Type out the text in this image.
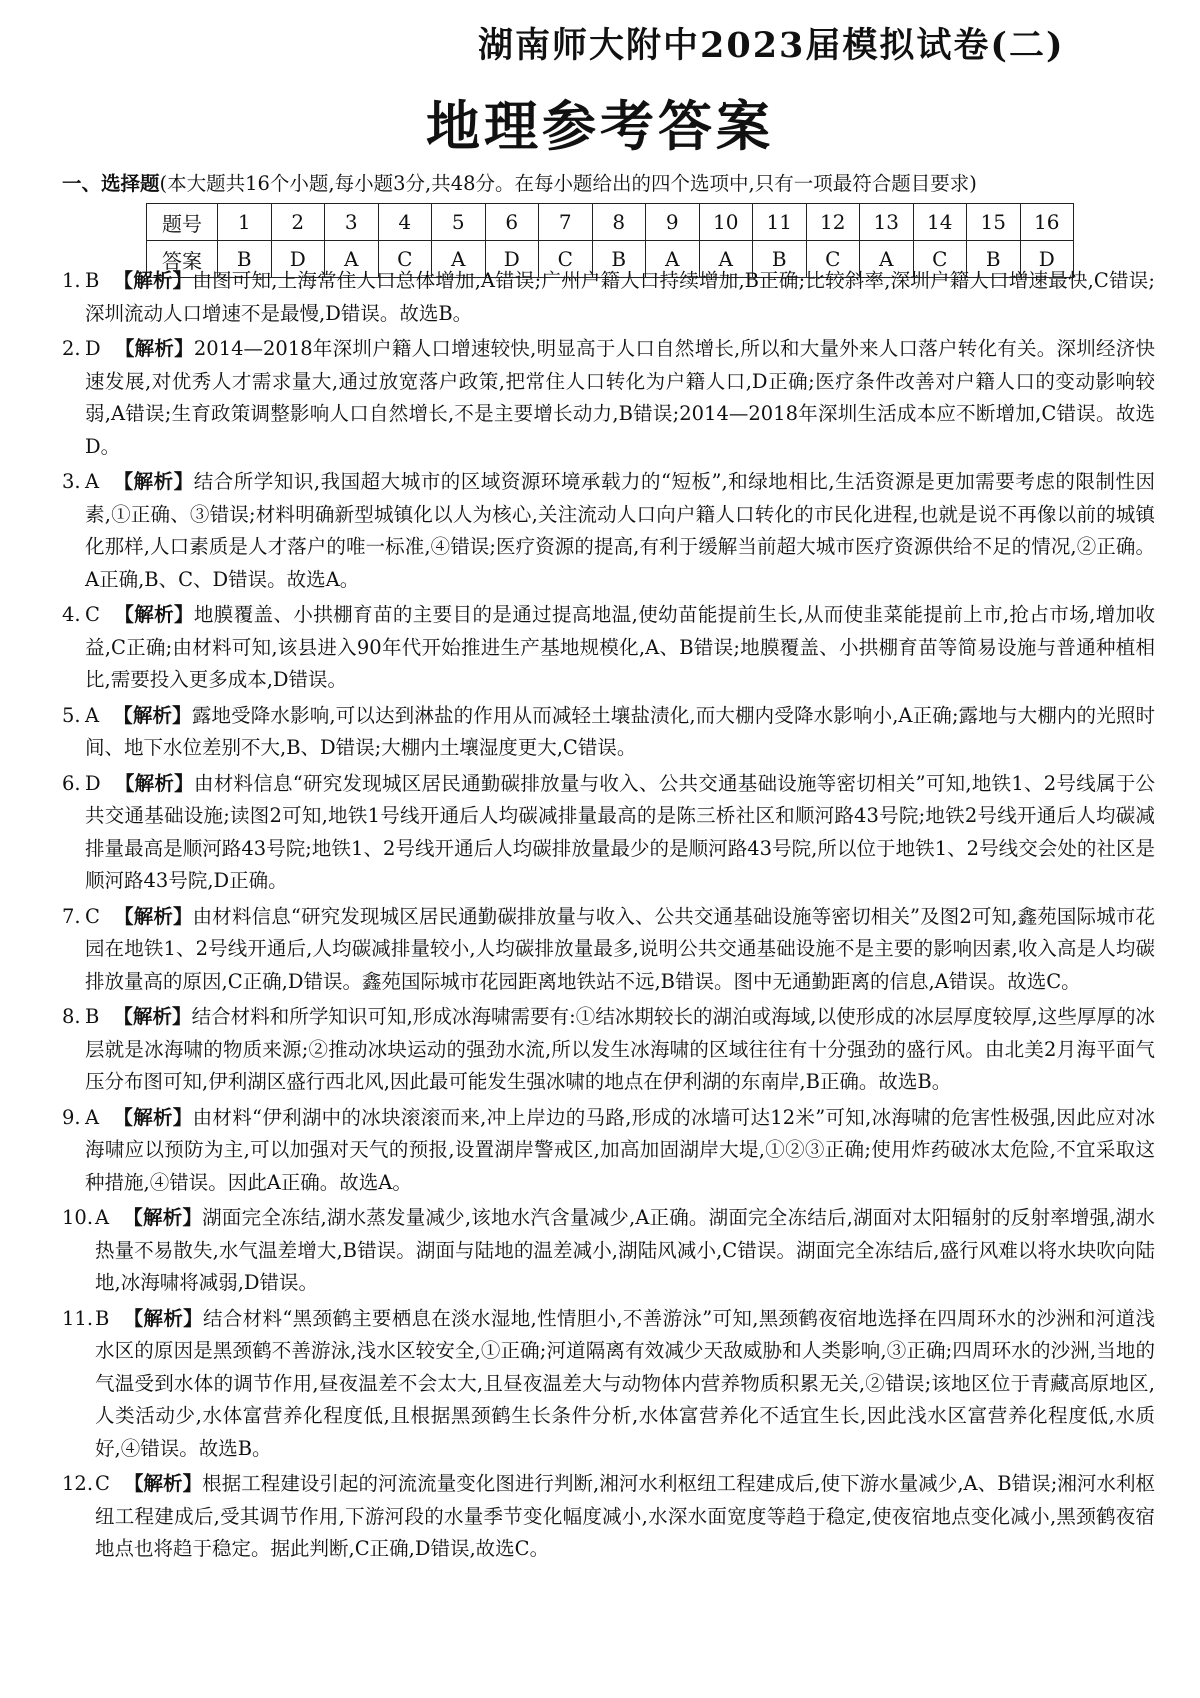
湖南师大附中2023届模拟试卷(二)
地理参考答案
一、选择题(本大题共16个小题,每小题3分,共48分。在每小题给出的四个选项中,只有一项最符合题目要求)
题号	1	2	3	4	5	6	7	8	9	10	11	12	13	14	15	16
答案	B	D	A	C	A	D	C	B	A	A	B	C	A	C	B	D
1. B 【解析】由图可知,上海常住人口总体增加,A错误;广州户籍人口持续增加,B正确;比较斜率,深圳户籍人口增速最快,C错误;深圳流动人口增速不是最慢,D错误。故选B。
2. D 【解析】2014—2018年深圳户籍人口增速较快,明显高于人口自然增长,所以和大量外来人口落户转化有关。深圳经济快速发展,对优秀人才需求量大,通过放宽落户政策,把常住人口转化为户籍人口,D正确;医疗条件改善对户籍人口的变动影响较弱,A错误;生育政策调整影响人口自然增长,不是主要增长动力,B错误;2014—2018年深圳生活成本应不断增加,C错误。故选D。
3. A 【解析】结合所学知识,我国超大城市的区域资源环境承载力的“短板”,和绿地相比,生活资源是更加需要考虑的限制性因素,①正确、③错误;材料明确新型城镇化以人为核心,关注流动人口向户籍人口转化的市民化进程,也就是说不再像以前的城镇化那样,人口素质是人才落户的唯一标准,④错误;医疗资源的提高,有利于缓解当前超大城市医疗资源供给不足的情况,②正确。A正确,B、C、D错误。故选A。
4. C 【解析】地膜覆盖、小拱棚育苗的主要目的是通过提高地温,使幼苗能提前生长,从而使韭菜能提前上市,抢占市场,增加收益,C正确;由材料可知,该县进入90年代开始推进生产基地规模化,A、B错误;地膜覆盖、小拱棚育苗等简易设施与普通种植相比,需要投入更多成本,D错误。
5. A 【解析】露地受降水影响,可以达到淋盐的作用从而减轻土壤盐渍化,而大棚内受降水影响小,A正确;露地与大棚内的光照时间、地下水位差别不大,B、D错误;大棚内土壤湿度更大,C错误。
6. D 【解析】由材料信息“研究发现城区居民通勤碳排放量与收入、公共交通基础设施等密切相关”可知,地铁1、2号线属于公共交通基础设施;读图2可知,地铁1号线开通后人均碳减排量最高的是陈三桥社区和顺河路43号院;地铁2号线开通后人均碳减排量最高是顺河路43号院;地铁1、2号线开通后人均碳排放量最少的是顺河路43号院,所以位于地铁1、2号线交会处的社区是顺河路43号院,D正确。
7. C 【解析】由材料信息“研究发现城区居民通勤碳排放量与收入、公共交通基础设施等密切相关”及图2可知,鑫苑国际城市花园在地铁1、2号线开通后,人均碳减排量较小,人均碳排放量最多,说明公共交通基础设施不是主要的影响因素,收入高是人均碳排放量高的原因,C正确,D错误。鑫苑国际城市花园距离地铁站不远,B错误。图中无通勤距离的信息,A错误。故选C。
8. B 【解析】结合材料和所学知识可知,形成冰海啸需要有:①结冰期较长的湖泊或海域,以使形成的冰层厚度较厚,这些厚厚的冰层就是冰海啸的物质来源;②推动冰块运动的强劲水流,所以发生冰海啸的区域往往有十分强劲的盛行风。由北美2月海平面气压分布图可知,伊利湖区盛行西北风,因此最可能发生强冰啸的地点在伊利湖的东南岸,B正确。故选B。
9. A 【解析】由材料“伊利湖中的冰块滚滚而来,冲上岸边的马路,形成的冰墙可达12米”可知,冰海啸的危害性极强,因此应对冰海啸应以预防为主,可以加强对天气的预报,设置湖岸警戒区,加高加固湖岸大堤,①②③正确;使用炸药破冰太危险,不宜采取这种措施,④错误。因此A正确。故选A。
10. A 【解析】湖面完全冻结,湖水蒸发量减少,该地水汽含量减少,A正确。湖面完全冻结后,湖面对太阳辐射的反射率增强,湖水热量不易散失,水气温差增大,B错误。湖面与陆地的温差减小,湖陆风减小,C错误。湖面完全冻结后,盛行风难以将水块吹向陆地,冰海啸将减弱,D错误。
11. B 【解析】结合材料“黑颈鹤主要栖息在淡水湿地,性情胆小,不善游泳”可知,黑颈鹤夜宿地选择在四周环水的沙洲和河道浅水区的原因是黑颈鹤不善游泳,浅水区较安全,①正确;河道隔离有效减少天敌威胁和人类影响,③正确;四周环水的沙洲,当地的气温受到水体的调节作用,昼夜温差不会太大,且昼夜温差大与动物体内营养物质积累无关,②错误;该地区位于青藏高原地区,人类活动少,水体富营养化程度低,且根据黑颈鹤生长条件分析,水体富营养化不适宜生长,因此浅水区富营养化程度低,水质好,④错误。故选B。
12. C 【解析】根据工程建设引起的河流流量变化图进行判断,湘河水利枢纽工程建成后,使下游水量减少,A、B错误;湘河水利枢纽工程建成后,受其调节作用,下游河段的水量季节变化幅度减小,水深水面宽度等趋于稳定,使夜宿地点变化减小,黑颈鹤夜宿地点也将趋于稳定。据此判断,C正确,D错误,故选C。
